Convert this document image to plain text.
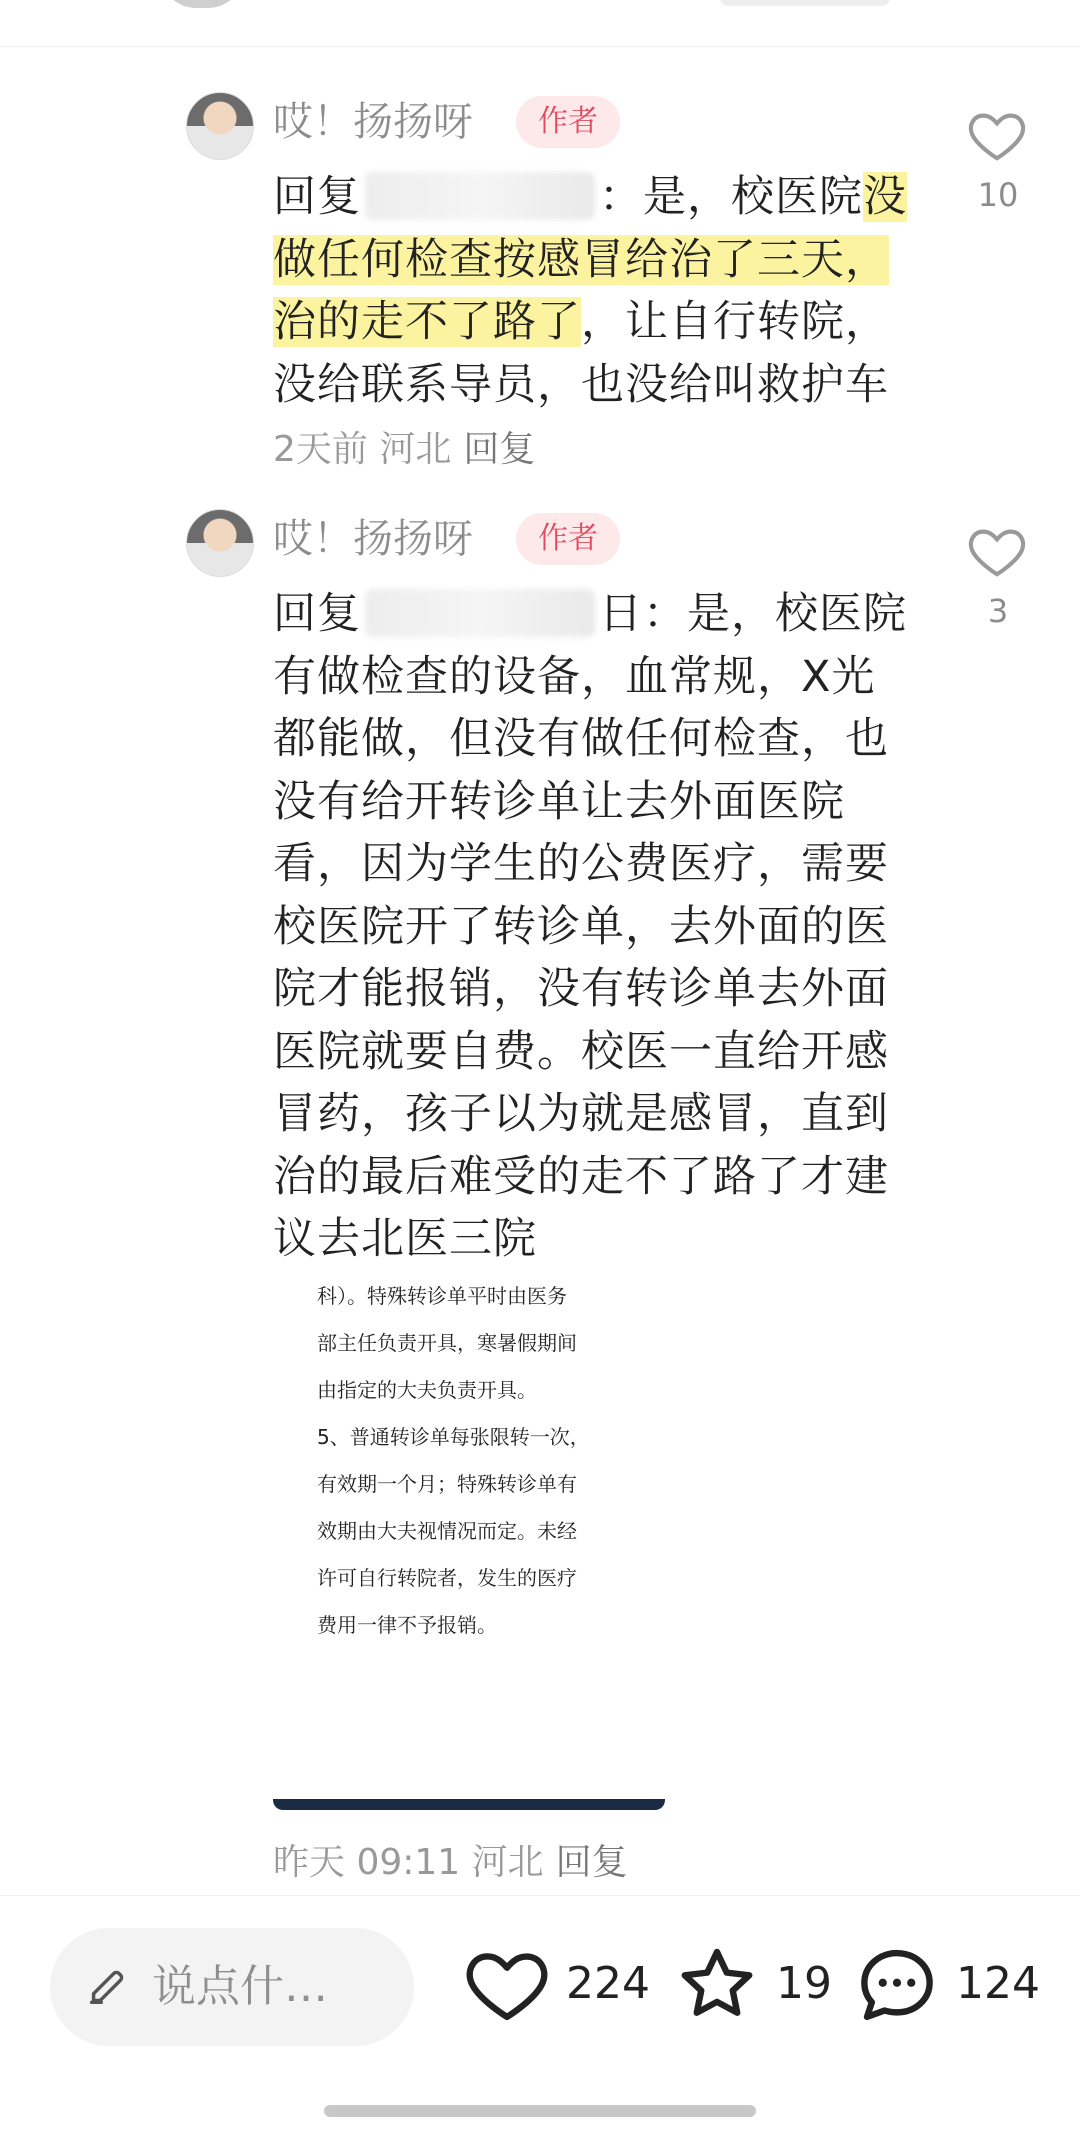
哎！扬扬呀	作者
10
回复	：是，校医院没做任何检查按感冒给治了三天，治的走不了路了，让自行转院，没给联系导员，也没给叫救护车 2天前 河北 回复
哎！扬扬呀	作者
3
回复	日：是，校医院有做检查的设备，血常规，X光都能做，但没有做任何检查，也没有给开转诊单让去外面医院看，因为学生的公费医疗，需要校医院开了转诊单，去外面的医院才能报销，没有转诊单去外面医院就要自费。校医一直给开感冒药，孩子以为就是感冒，直到治的最后难受的走不了路了才建议去北医三院
科）。特殊转诊单平时由医务
部主任负责开具，寒暑假期间
由指定的大夫负责开具。
5、普通转诊单每张限转一次，
有效期一个月；特殊转诊单有
效期由大夫视情况而定。未经
许可自行转院者，发生的医疗
费用一律不予报销。
昨天 09:11 河北 回复
说点什…	224	19	124
